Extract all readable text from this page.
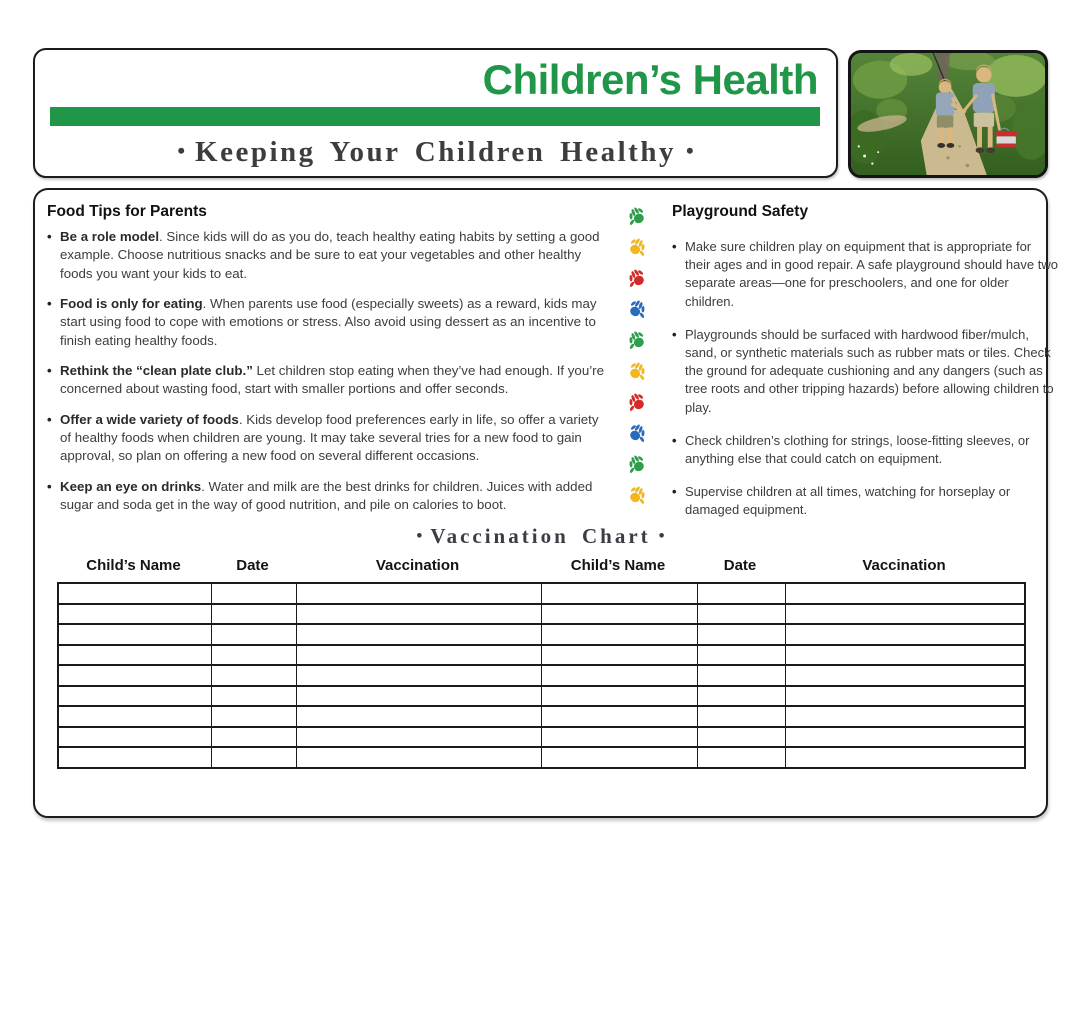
Children’s Health
• Keeping Your Children Healthy •
Food Tips for Parents
• Be a role model. Since kids will do as you do, teach healthy eating habits by setting a good example. Choose nutritious snacks and be sure to eat your vegetables and other healthy foods you want your kids to eat.
• Food is only for eating. When parents use food (especially sweets) as a reward, kids may start using food to cope with emotions or stress. Also avoid using dessert as an incentive to finish eating healthy foods.
• Rethink the “clean plate club.” Let children stop eating when they’ve had enough. If you’re concerned about wasting food, start with smaller portions and offer seconds.
• Offer a wide variety of foods. Kids develop food preferences early in life, so offer a variety of healthy foods when children are young. It may take several tries for a new food to gain approval, so plan on offering a new food on several different occasions.
• Keep an eye on drinks. Water and milk are the best drinks for children. Juices with added sugar and soda get in the way of good nutrition, and pile on calories to boot.
Playground Safety
• Make sure children play on equipment that is appropriate for their ages and in good repair. A safe playground should have two separate areas—one for preschoolers, and one for older children.
• Playgrounds should be surfaced with hardwood fiber/mulch, sand, or synthetic materials such as rubber mats or tiles. Check the ground for adequate cushioning and any dangers (such as tree roots and other tripping hazards) before allowing children to play.
• Check children’s clothing for strings, loose-fitting sleeves, or anything else that could catch on equipment.
• Supervise children at all times, watching for horseplay or damaged equipment.
• Vaccination Chart •
Child’s Name	Date	Vaccination	Child’s Name	Date	Vaccination
